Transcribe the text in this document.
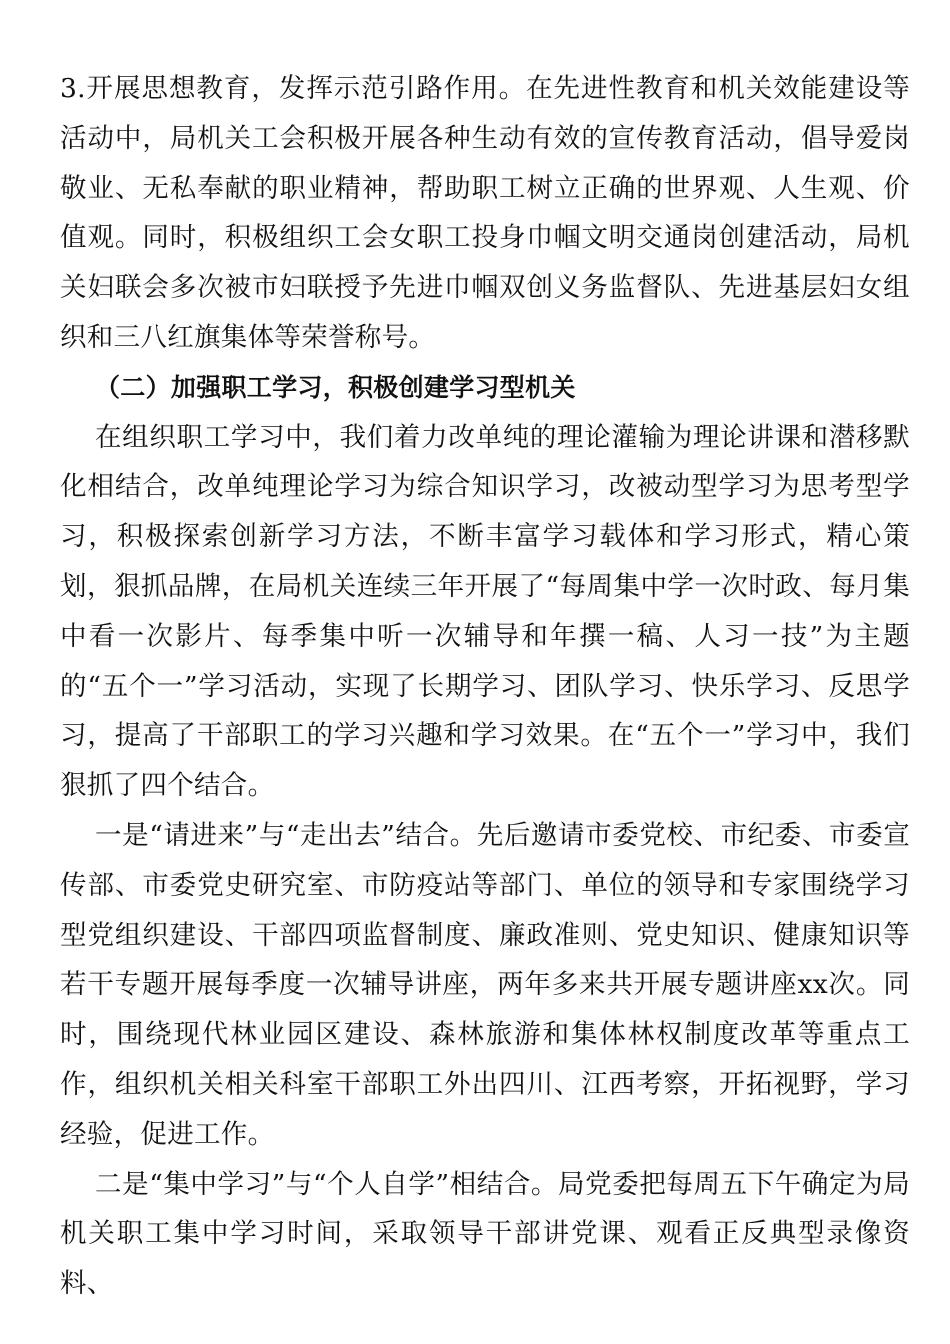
3.开展思想教育，发挥示范引路作用。在先进性教育和机关效能建设等活动中，局机关工会积极开展各种生动有效的宣传教育活动，倡导爱岗敬业、无私奉献的职业精神，帮助职工树立正确的世界观、人生观、价值观。同时，积极组织工会女职工投身巾帼文明交通岗创建活动，局机关妇联会多次被市妇联授予先进巾帼双创义务监督队、先进基层妇女组织和三八红旗集体等荣誉称号。

（二）加强职工学习，积极创建学习型机关

在组织职工学习中，我们着力改单纯的理论灌输为理论讲课和潜移默化相结合，改单纯理论学习为综合知识学习，改被动型学习为思考型学习，积极探索创新学习方法，不断丰富学习载体和学习形式，精心策划，狠抓品牌，在局机关连续三年开展了“每周集中学一次时政、每月集中看一次影片、每季集中听一次辅导和年撰一稿、人习一技”为主题的“五个一”学习活动，实现了长期学习、团队学习、快乐学习、反思学习，提高了干部职工的学习兴趣和学习效果。在“五个一”学习中，我们狠抓了四个结合。

一是“请进来”与“走出去”结合。先后邀请市委党校、市纪委、市委宣传部、市委党史研究室、市防疫站等部门、单位的领导和专家围绕学习型党组织建设、干部四项监督制度、廉政准则、党史知识、健康知识等若干专题开展每季度一次辅导讲座，两年多来共开展专题讲座xx次。同时，围绕现代林业园区建设、森林旅游和集体林权制度改革等重点工作，组织机关相关科室干部职工外出四川、江西考察，开拓视野，学习经验，促进工作。

二是“集中学习”与“个人自学”相结合。局党委把每周五下午确定为局机关职工集中学习时间，采取领导干部讲党课、观看正反典型录像资料、
